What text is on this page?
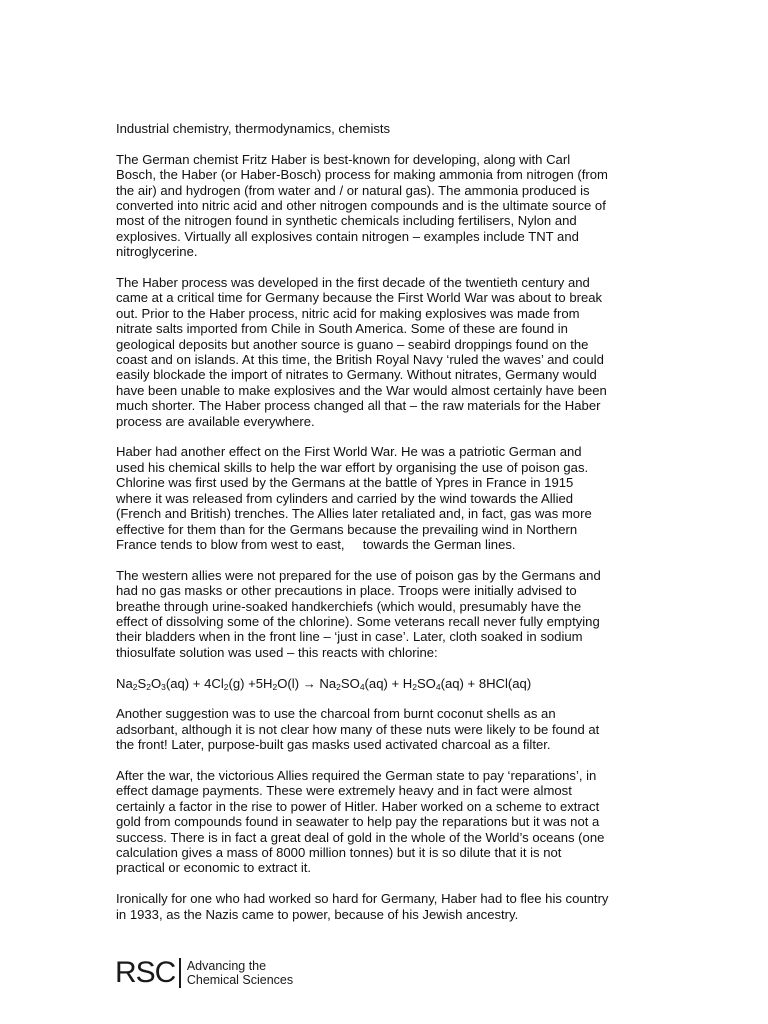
Industrial chemistry, thermodynamics, chemists

The German chemist Fritz Haber is best-known for developing, along with Carl
Bosch, the Haber (or Haber-Bosch) process for making ammonia from nitrogen (from
the air) and hydrogen (from water and / or natural gas). The ammonia produced is
converted into nitric acid and other nitrogen compounds and is the ultimate source of
most of the nitrogen found in synthetic chemicals including fertilisers, Nylon and
explosives. Virtually all explosives contain nitrogen – examples include TNT and
nitroglycerine.

The Haber process was developed in the first decade of the twentieth century and
came at a critical time for Germany because the First World War was about to break
out. Prior to the Haber process, nitric acid for making explosives was made from
nitrate salts imported from Chile in South America. Some of these are found in
geological deposits but another source is guano – seabird droppings found on the
coast and on islands. At this time, the British Royal Navy ‘ruled the waves’ and could
easily blockade the import of nitrates to Germany. Without nitrates, Germany would
have been unable to make explosives and the War would almost certainly have been
much shorter. The Haber process changed all that – the raw materials for the Haber
process are available everywhere.

Haber had another effect on the First World War. He was a patriotic German and
used his chemical skills to help the war effort by organising the use of poison gas.
Chlorine was first used by the Germans at the battle of Ypres in France in 1915
where it was released from cylinders and carried by the wind towards the Allied
(French and British) trenches. The Allies later retaliated and, in fact, gas was more
effective for them than for the Germans because the prevailing wind in Northern
France tends to blow from west to east,     towards the German lines.

The western allies were not prepared for the use of poison gas by the Germans and
had no gas masks or other precautions in place. Troops were initially advised to
breathe through urine-soaked handkerchiefs (which would, presumably have the
effect of dissolving some of the chlorine). Some veterans recall never fully emptying
their bladders when in the front line – ‘just in case’. Later, cloth soaked in sodium
thiosulfate solution was used – this reacts with chlorine:

$Na_2S_2O_3(aq) + 4Cl_2(g) +5H_2O(l) \to Na_2SO_4(aq) + H_2SO_4(aq) + 8HCl(aq)$

Another suggestion was to use the charcoal from burnt coconut shells as an
adsorbant, although it is not clear how many of these nuts were likely to be found at
the front! Later, purpose-built gas masks used activated charcoal as a filter.

After the war, the victorious Allies required the German state to pay ‘reparations’, in
effect damage payments. These were extremely heavy and in fact were almost
certainly a factor in the rise to power of Hitler. Haber worked on a scheme to extract
gold from compounds found in seawater to help pay the reparations but it was not a
success. There is in fact a great deal of gold in the whole of the World’s oceans (one
calculation gives a mass of 8000 million tonnes) but it is so dilute that it is not
practical or economic to extract it.

Ironically for one who had worked so hard for Germany, Haber had to flee his country
in 1933, as the Nazis came to power, because of his Jewish ancestry.

RSC Advancing the
Chemical Sciences
